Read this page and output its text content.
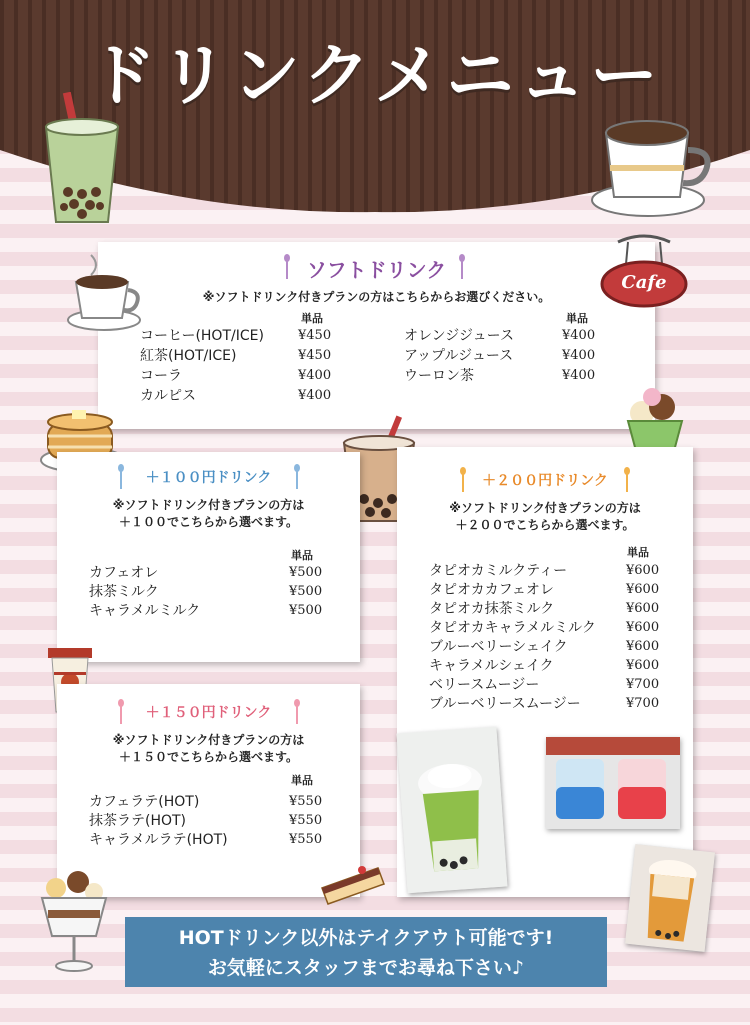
ドリンクメニュー
ソフトドリンク
※ソフトドリンク付きプランの方はこちらからお選びください。
単品	単品
コーヒー(HOT/ICE)	¥450
紅茶(HOT/ICE)	¥450
コーラ	¥400
カルピス	¥400
オレンジジュース	¥400
アップルジュース	¥400
ウーロン茶	¥400
Cafe
＋１００円ドリンク
※ソフトドリンク付きプランの方は
＋１００でこちらから選べます。
単品
カフェオレ	¥500
抹茶ミルク	¥500
キャラメルミルク	¥500
＋１５０円ドリンク
※ソフトドリンク付きプランの方は
＋１５０でこちらから選べます。
単品
カフェラテ(HOT)	¥550
抹茶ラテ(HOT)	¥550
キャラメルラテ(HOT)	¥550
＋２００円ドリンク
※ソフトドリンク付きプランの方は
＋２００でこちらから選べます。
単品
タピオカミルクティー	¥600
タピオカカフェオレ	¥600
タピオカ抹茶ミルク	¥600
タピオカキャラメルミルク ¥600
ブルーベリーシェイク	¥600
キャラメルシェイク	¥600
ベリースムージー	¥700
ブルーベリースムージー	¥700
HOTドリンク以外はテイクアウト可能です!
お気軽にスタッフまでお尋ね下さい♪
